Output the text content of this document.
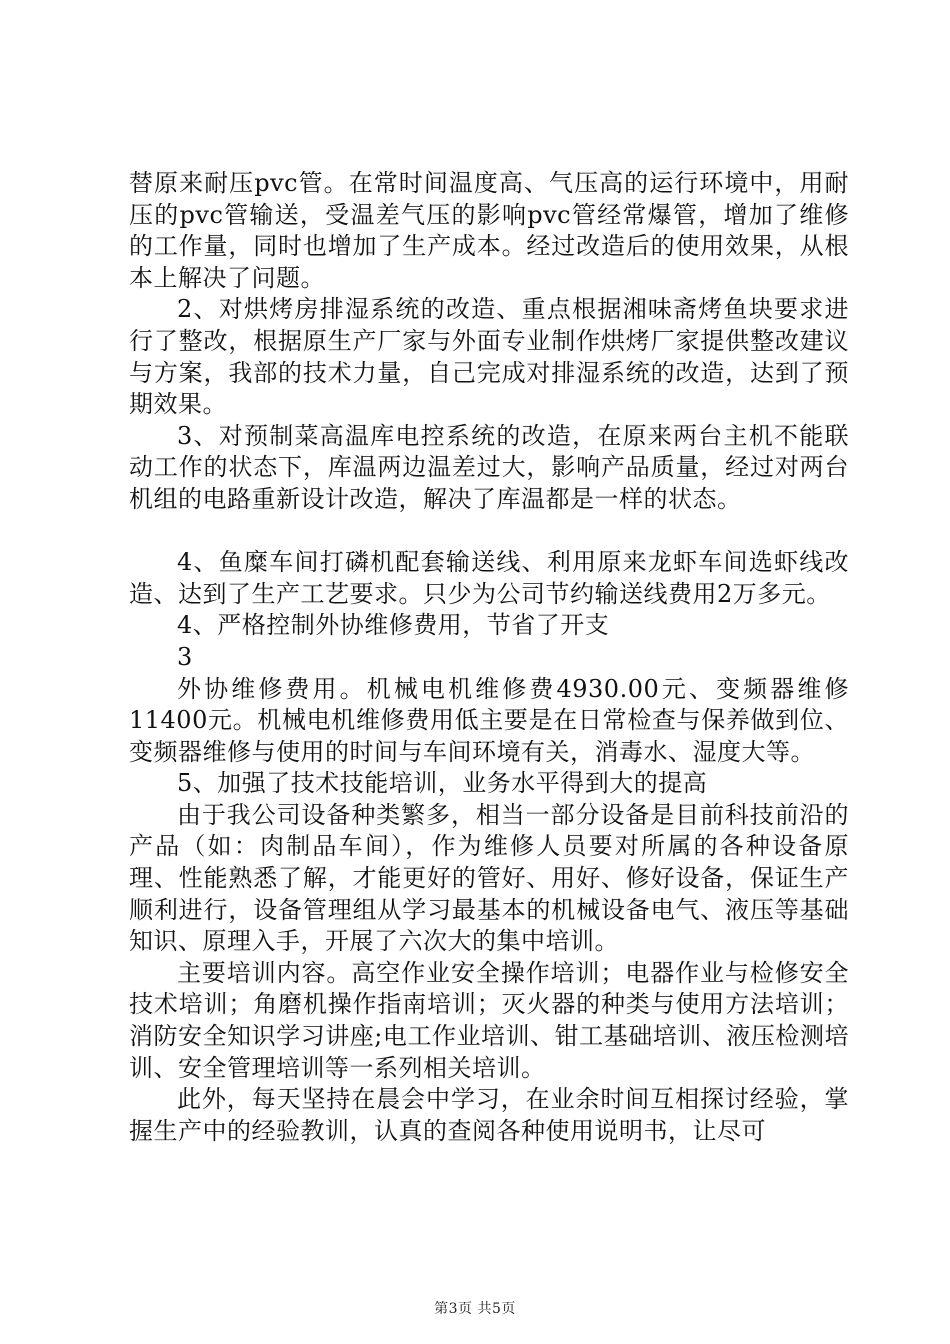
替原来耐压pvc管。在常时间温度高、气压高的运行环境中，用耐压的pvc管输送，受温差气压的影响pvc管经常爆管，增加了维修的工作量，同时也增加了生产成本。经过改造后的使用效果，从根本上解决了问题。

2、对烘烤房排湿系统的改造、重点根据湘味斋烤鱼块要求进行了整改，根据原生产厂家与外面专业制作烘烤厂家提供整改建议与方案，我部的技术力量，自己完成对排湿系统的改造，达到了预期效果。

3、对预制菜高温库电控系统的改造，在原来两台主机不能联动工作的状态下，库温两边温差过大，影响产品质量，经过对两台机组的电路重新设计改造，解决了库温都是一样的状态。

4、鱼糜车间打磷机配套输送线、利用原来龙虾车间选虾线改造、达到了生产工艺要求。只少为公司节约输送线费用2万多元。

4、严格控制外协维修费用，节省了开支

3

外协维修费用。机械电机维修费4930.00元、变频器维修11400元。机械电机维修费用低主要是在日常检查与保养做到位、变频器维修与使用的时间与车间环境有关，消毒水、湿度大等。

5、加强了技术技能培训，业务水平得到大的提高

由于我公司设备种类繁多，相当一部分设备是目前科技前沿的产品（如：肉制品车间），作为维修人员要对所属的各种设备原理、性能熟悉了解，才能更好的管好、用好、修好设备，保证生产顺利进行，设备管理组从学习最基本的机械设备电气、液压等基础知识、原理入手，开展了六次大的集中培训。

主要培训内容。高空作业安全操作培训；电器作业与检修安全技术培训；角磨机操作指南培训；灭火器的种类与使用方法培训；消防安全知识学习讲座;电工作业培训、钳工基础培训、液压检测培训、安全管理培训等一系列相关培训。

此外，每天坚持在晨会中学习，在业余时间互相探讨经验，掌握生产中的经验教训，认真的查阅各种使用说明书，让尽可

第3页 共5页
